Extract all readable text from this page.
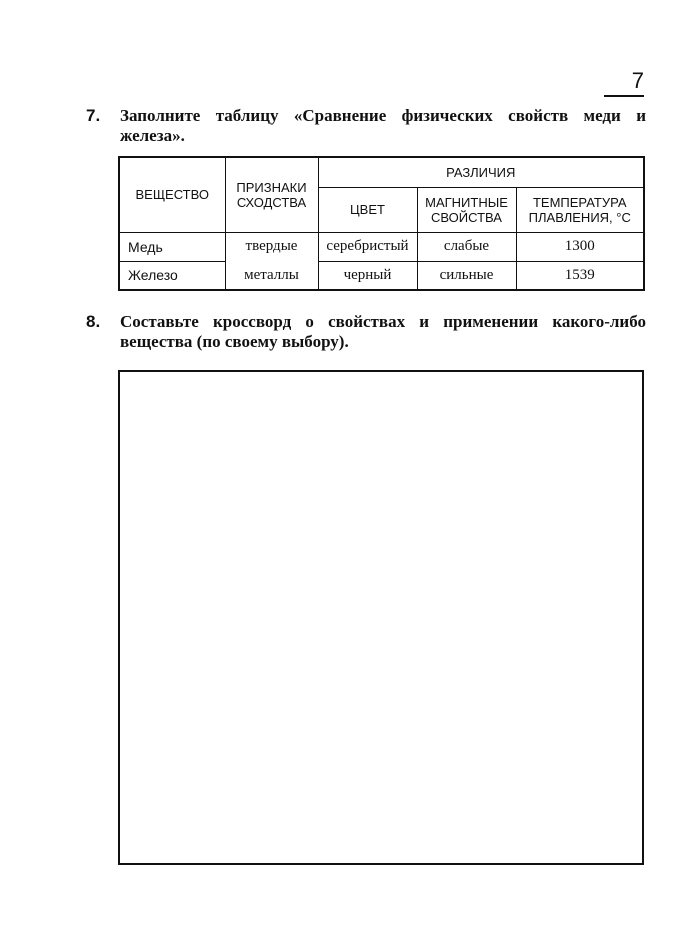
7
7. Заполните таблицу «Сравнение физических свойств меди и железа».
ВЕЩЕСТВО	ПРИЗНАКИ СХОДСТВА	РАЗЛИЧИЯ		
		ЦВЕТ	МАГНИТНЫЕ СВОЙСТВА	ТЕМПЕРАТУРА ПЛАВЛЕНИЯ, °С
Медь	твердые	серебристый	слабые	1300
Железо	металлы	черный	сильные	1539
8. Составьте кроссворд о свойствах и применении какого-либо вещества (по своему выбору).
